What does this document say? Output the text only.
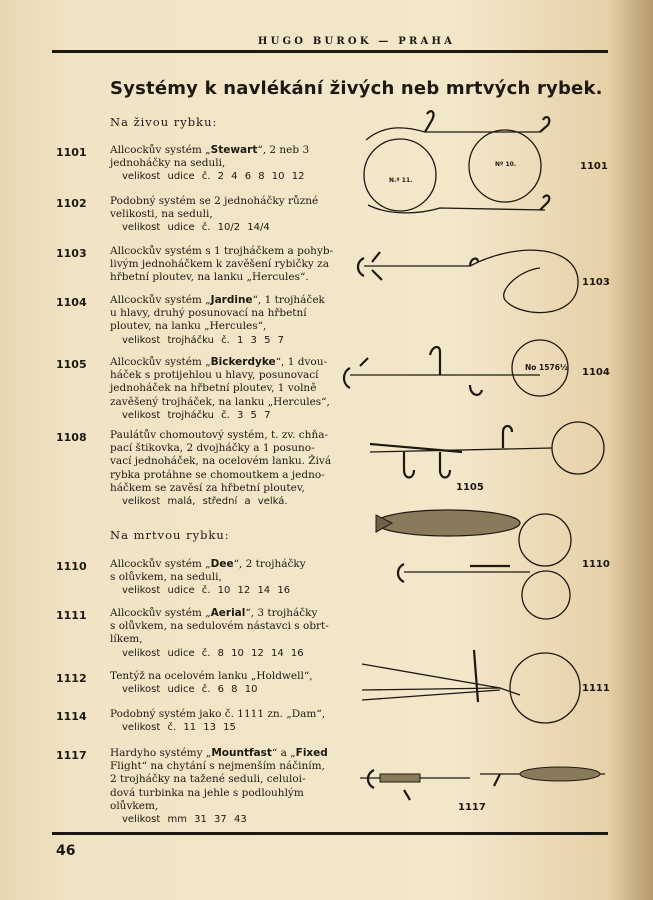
HUGO BUROK — PRAHA
Systémy k navlékání živých neb mrtvých rybek.
Na živou rybku:
1101 Allcockův systém „Stewart“, 2 neb 3
jednoháčky na seduli,
velikost udice č. 2 4 6 8 10 12
1102 Podobný systém se 2 jednoháčky různé
velikosti, na seduli,
velikost udice č. 10/2 14/4
1103 Allcockův systém s 1 trojháčkem a pohyb-
livým jednoháčkem k zavěšení rybičky za
hřbetní ploutev, na lanku „Hercules“.
1104 Allcockův systém „Jardine“, 1 trojháček
u hlavy, druhý posunovací na hřbetní
ploutev, na lanku „Hercules“,
velikost trojháčku č. 1 3 5 7
1105 Allcockův systém „Bickerdyke“, 1 dvou-
háček s protijehlou u hlavy, posunovací
jednoháček na hřbetní ploutev, 1 volně
zavěšený trojháček, na lanku „Hercules“,
velikost trojháčku č. 3 5 7
1108 Paulátův chomoutový systém, t. zv. chňa-
pací štikovka, 2 dvojháčky a 1 posuno-
vací jednoháček, na ocelovém lanku. Živá
rybka protáhne se chomoutkem a jedno-
háčkem se zavěsí za hřbetní ploutev,
velikost malá, střední a velká.
Na mrtvou rybku:
1110 Allcockův systém „Dee“, 2 trojháčky
s olůvkem, na seduli,
velikost udice č. 10 12 14 16
1111 Allcockův systém „Aerial“, 3 trojháčky
s olůvkem, na sedulovém nástavci s obrt-
líkem,
velikost udice č. 8 10 12 14 16
1112 Tentýž na ocelovém lanku „Holdwell“,
velikost udice č. 6 8 10
1114 Podobný systém jako č. 1111 zn. „Dam“,
velikost č. 11 13 15
1117 Hardyho systémy „Mountfast“ a „Fixed
Flight“ na chytání s nejmenším náčiním,
2 trojháčky na tažené seduli, celuloi-
dová turbinka na jehle s podlouhlým
olůvkem,
velikost mm 31 37 43
N.º 11.
Nº 10.
No 1576½
1101
1103
1104
1105
1110
1111
1117
46
